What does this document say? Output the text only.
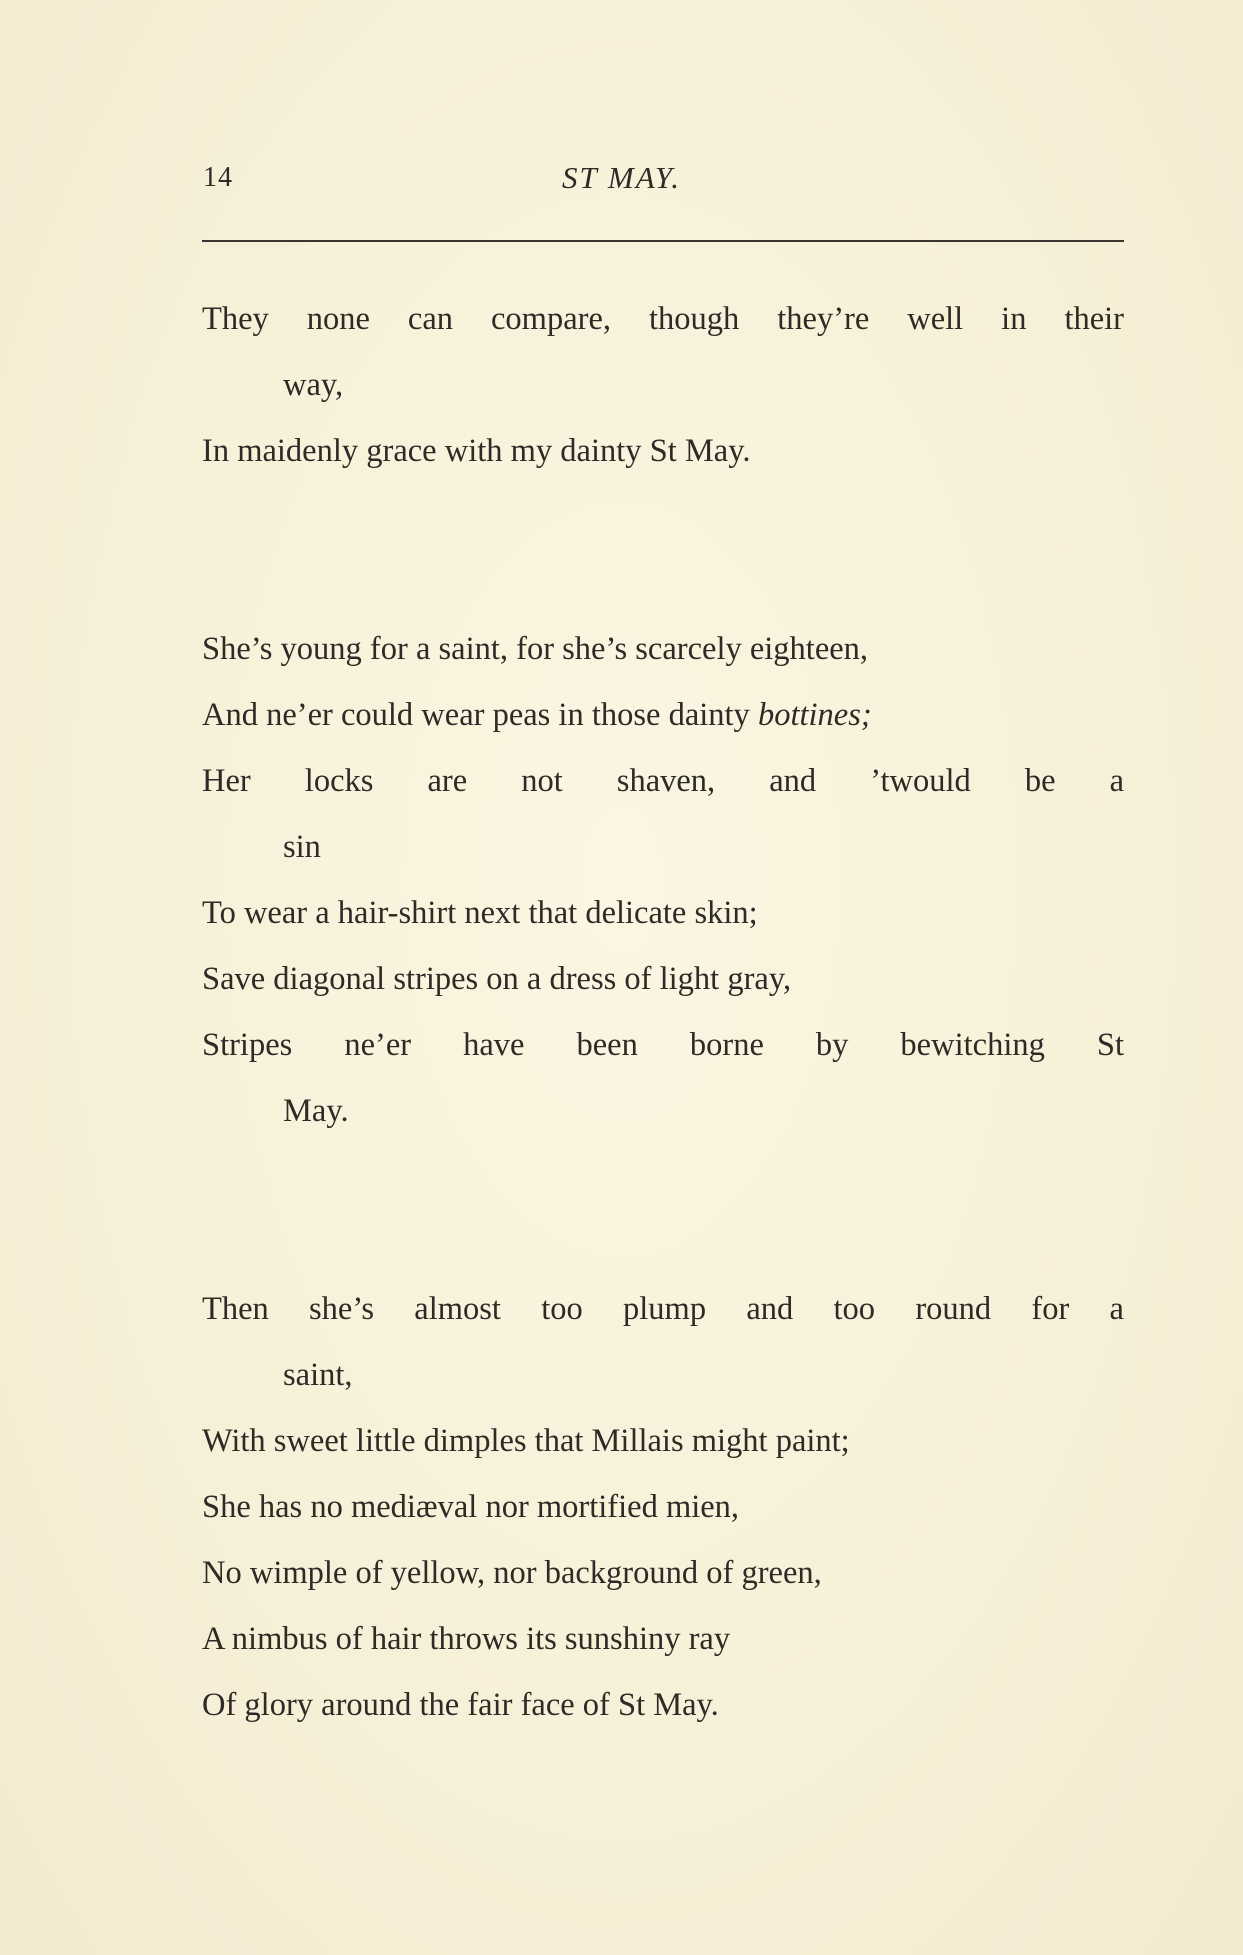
14	ST MAY.
They none can compare, though they’re well in their
way,
In maidenly grace with my dainty St May.
She’s young for a saint, for she’s scarcely eighteen,
And ne’er could wear peas in those dainty bottines;
Her locks are not shaven, and ’twould be a
sin
To wear a hair-shirt next that delicate skin;
Save diagonal stripes on a dress of light gray,
Stripes ne’er have been borne by bewitching St
May.
Then she’s almost too plump and too round for a
saint,
With sweet little dimples that Millais might paint;
She has no mediæval nor mortified mien,
No wimple of yellow, nor background of green,
A nimbus of hair throws its sunshiny ray
Of glory around the fair face of St May.
